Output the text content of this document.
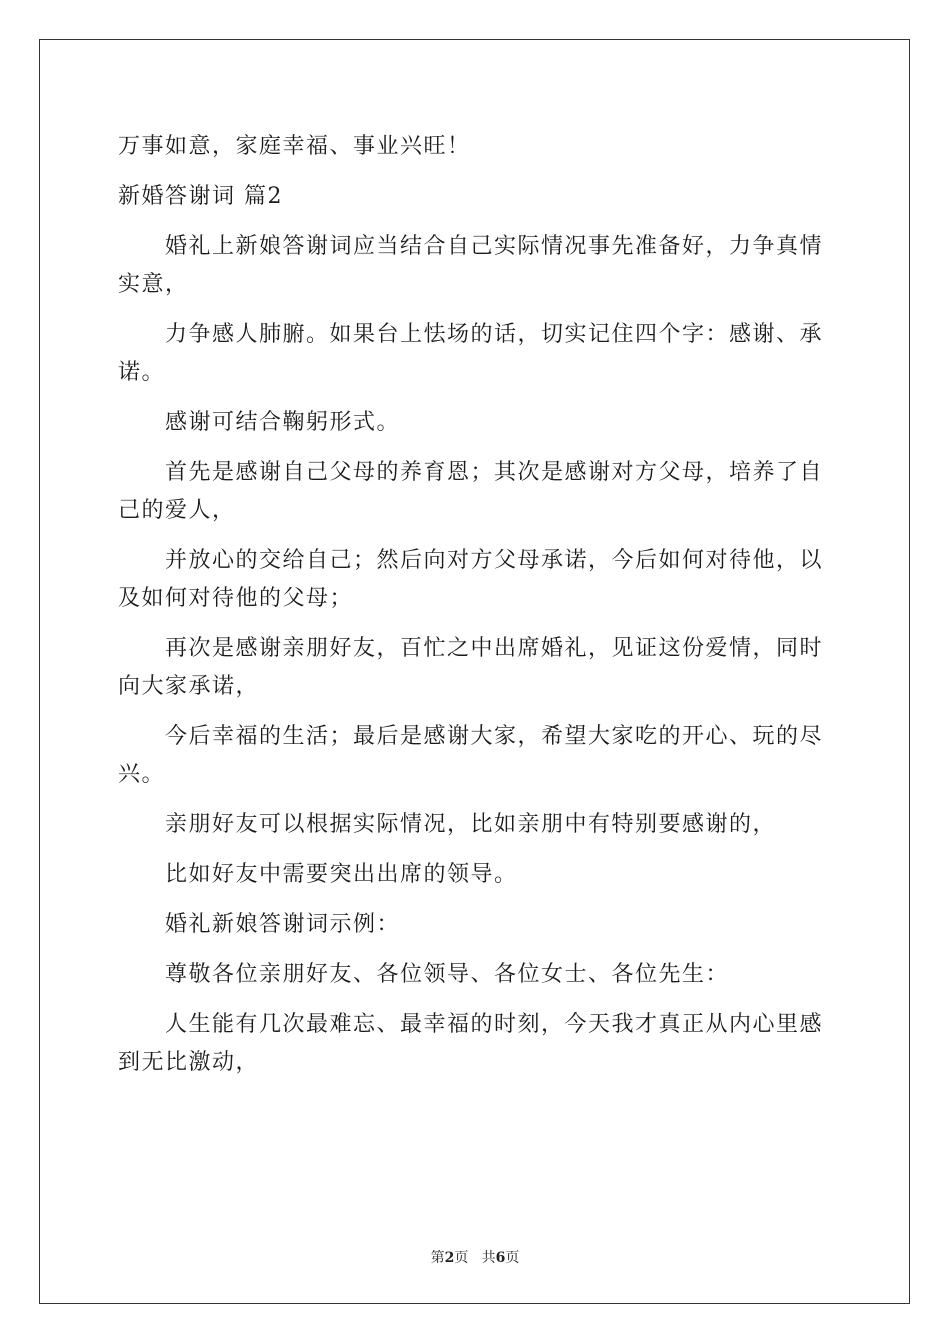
万事如意，家庭幸福、事业兴旺！
新婚答谢词 篇2
婚礼上新娘答谢词应当结合自己实际情况事先准备好，力争真情
实意，
力争感人肺腑。如果台上怯场的话，切实记住四个字：感谢、承
诺。
感谢可结合鞠躬形式。
首先是感谢自己父母的养育恩；其次是感谢对方父母，培养了自
己的爱人，
并放心的交给自己；然后向对方父母承诺，今后如何对待他，以
及如何对待他的父母；
再次是感谢亲朋好友，百忙之中出席婚礼，见证这份爱情，同时
向大家承诺，
今后幸福的生活；最后是感谢大家，希望大家吃的开心、玩的尽
兴。
亲朋好友可以根据实际情况，比如亲朋中有特别要感谢的，
比如好友中需要突出出席的领导。
婚礼新娘答谢词示例：
尊敬各位亲朋好友、各位领导、各位女士、各位先生：
人生能有几次最难忘、最幸福的时刻，今天我才真正从内心里感
到无比激动，
第2页 共6页
